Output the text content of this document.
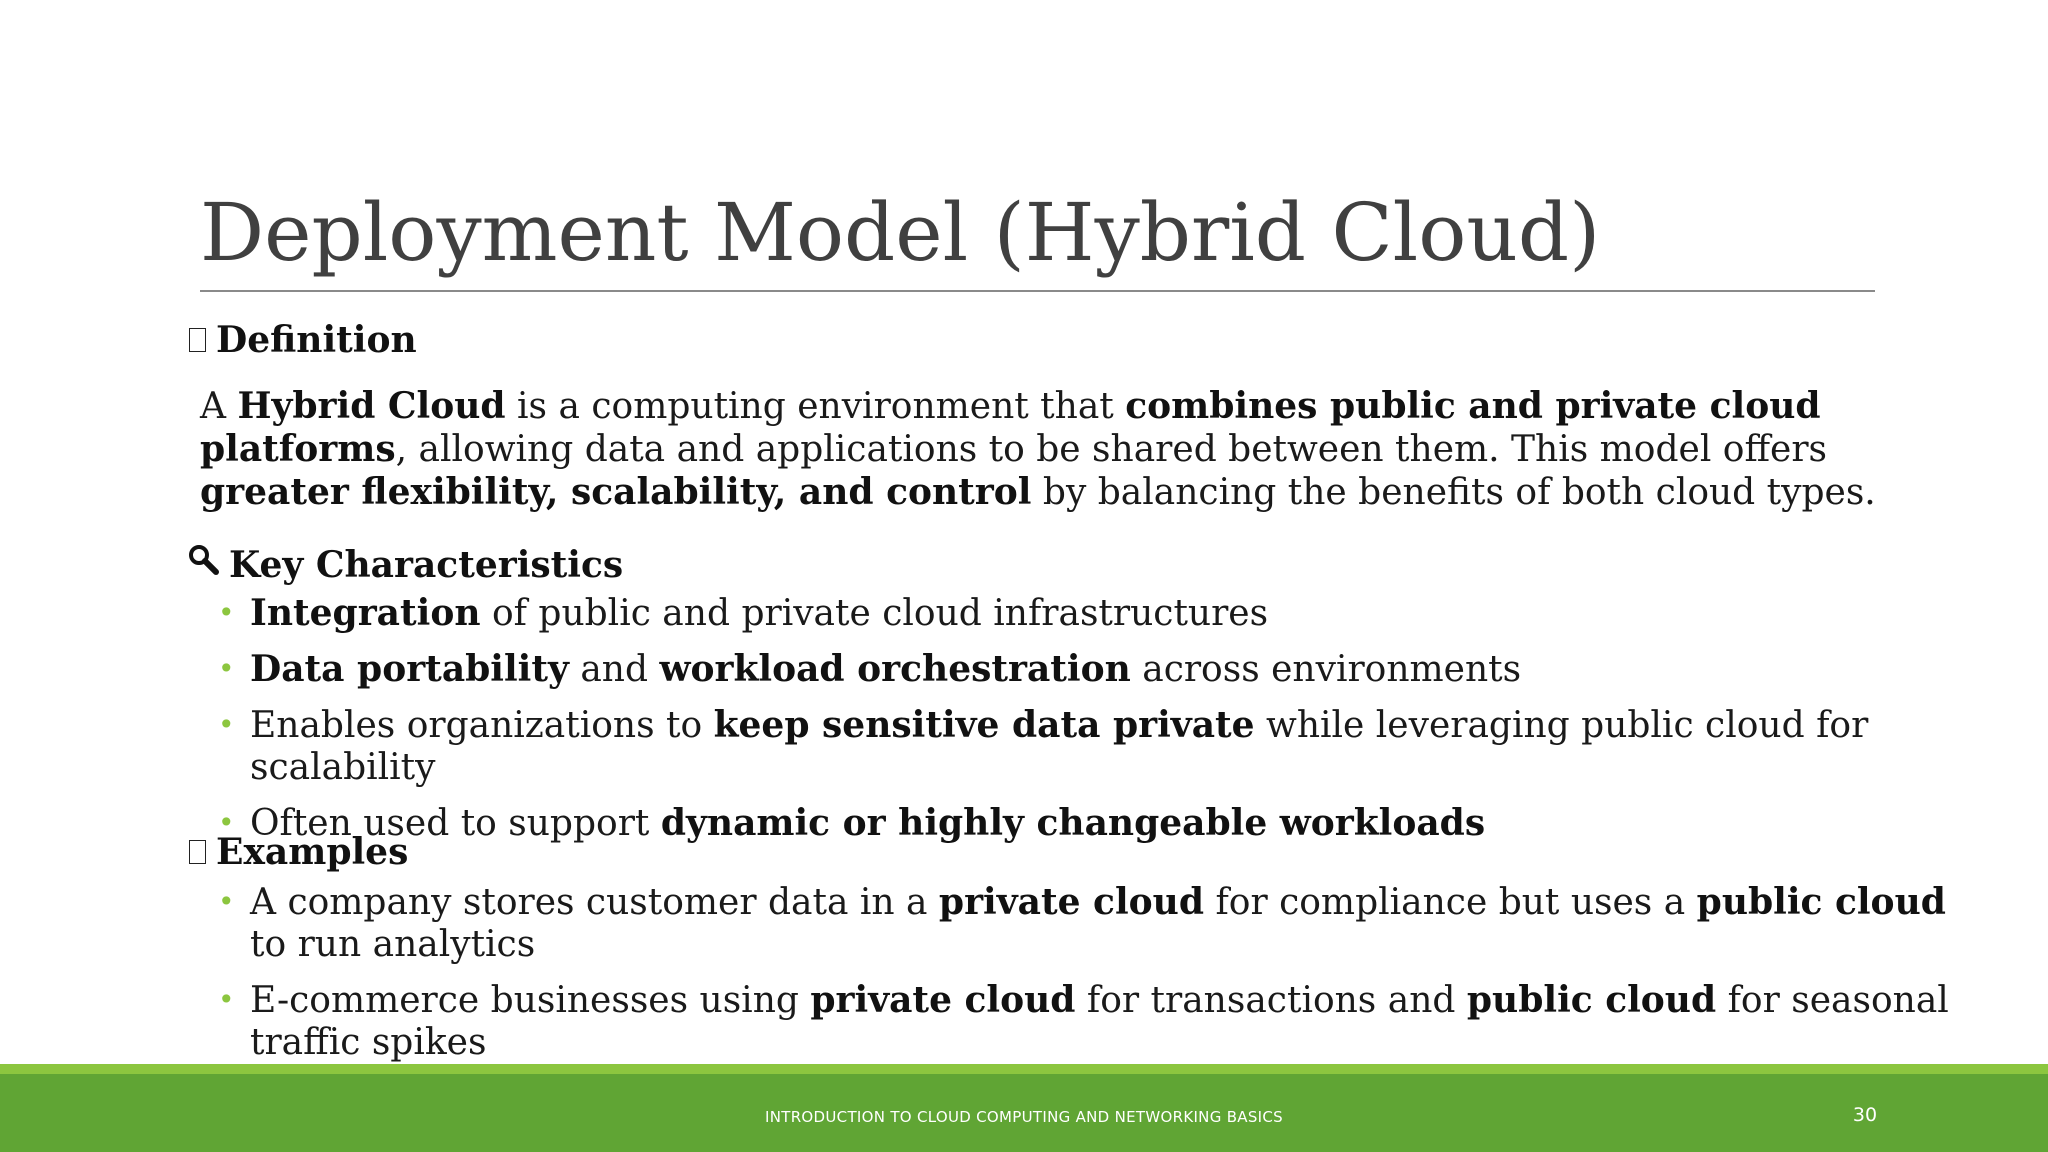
Deployment Model (Hybrid Cloud)
Definition

A Hybrid Cloud is a computing environment that combines public and private cloud platforms, allowing data and applications to be shared between them. This model offers greater flexibility, scalability, and control by balancing the benefits of both cloud types.

Key Characteristics
• Integration of public and private cloud infrastructures
• Data portability and workload orchestration across environments
• Enables organizations to keep sensitive data private while leveraging public cloud for scalability
• Often used to support dynamic or highly changeable workloads
Examples
• A company stores customer data in a private cloud for compliance but uses a public cloud to run analytics
• E-commerce businesses using private cloud for transactions and public cloud for seasonal traffic spikes
INTRODUCTION TO CLOUD COMPUTING AND NETWORKING BASICS	30
